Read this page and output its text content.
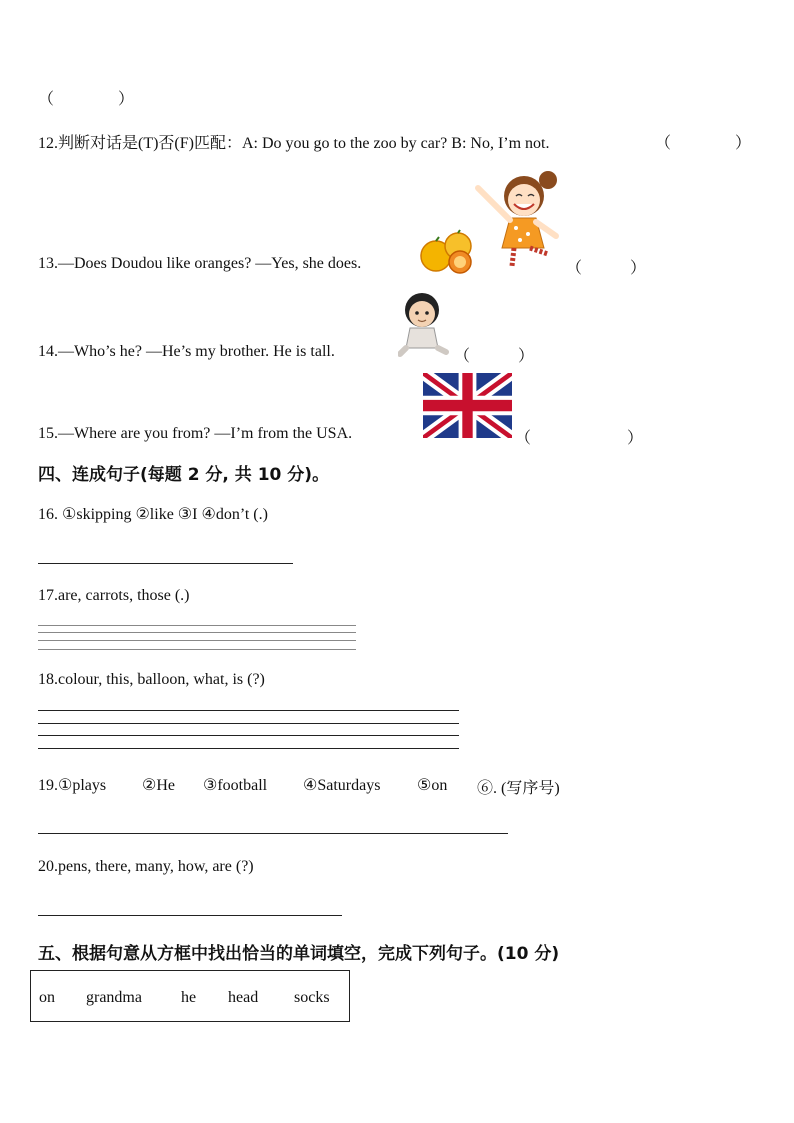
（　　　　）
12.判断对话是(T)否(F)匹配：A: Do you go to the zoo by car? B: No, I’m not.	（　　　　）
13.—Does Doudou like oranges? —Yes, she does.	（　　　）
14.—Who’s he? —He’s my brother. He is tall.	（　　　）
15.—Where are you from? —I’m from the USA.	（　　　　　　）
四、连成句子(每题 2 分, 共 10 分)。
16. ①skipping ②like ③I ④don’t (.)
17.are, carrots, those (.)
18.colour, this, balloon, what, is (?)
19.①plays ②He ③football ④Saturdays ⑤on ⑥. (写序号)
20.pens, there, many, how, are (?)
五、根据句意从方框中找出恰当的单词填空，完成下列句子。(10 分)
on grandma he head socks
